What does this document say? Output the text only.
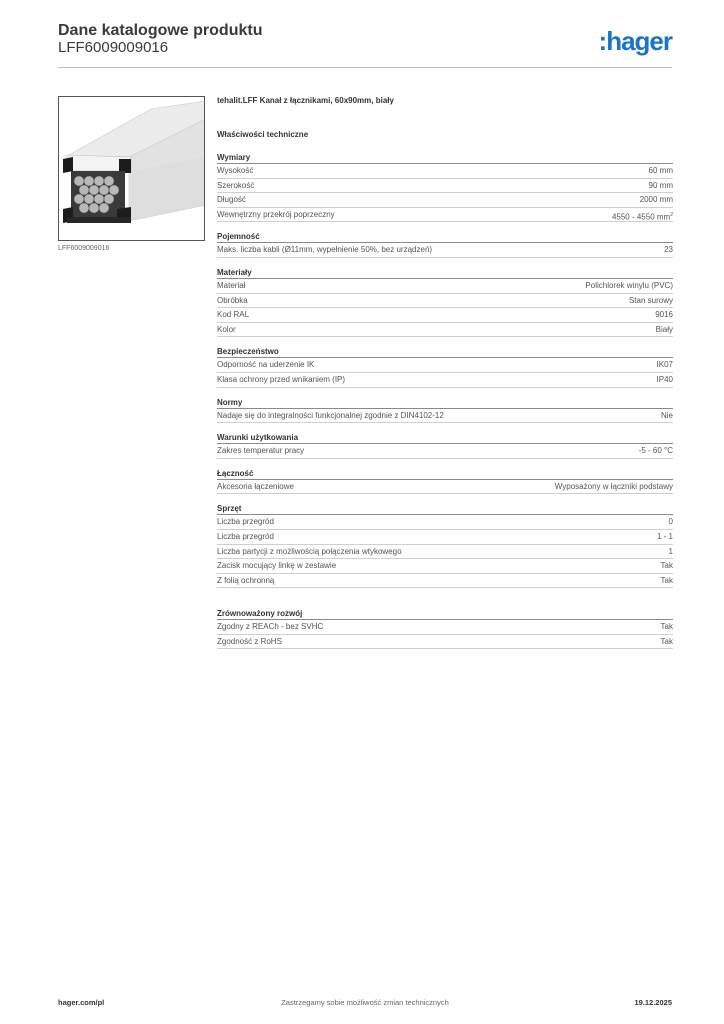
Dane katalogowe produktu
LFF6009009016	:hager
LFF6009009016
tehalit.LFF Kanał z łącznikami, 60x90mm, biały
Właściwości techniczne
Wymiary
Wysokość	60 mm
Szerokość	90 mm
Długość	2000 mm
Wewnętrzny przekrój poprzeczny	4550 - 4550 $mm^2$
Pojemność
Maks. liczba kabli (Ø11mm, wypełnienie 50%, bez urządzeń)	23
Materiały
Materiał	Polichlorek winylu (PVC)
Obróbka	Stan surowy
Kod RAL	9016
Kolor	Biały
Bezpieczeństwo
Odporność na uderzenie IK	IK07
Klasa ochrony przed wnikaniem (IP)	IP40
Normy
Nadaje się do integralności funkcjonalnej zgodnie z DIN4102-12	Nie
Warunki użytkowania
Zakres temperatur pracy	-5 - 60 °C
Łączność
Akcesoria łączeniowe	Wyposażony w łączniki podstawy
Sprzęt
Liczba przegród	0
Liczba przegród	1 - 1
Liczba partycji z możliwością połączenia wtykowego	1
Zacisk mocujący linkę w zestawie	Tak
Z folią ochronną	Tak
Zrównoważony rozwój
Zgodny z REACh - bez SVHC	Tak
Zgodność z RoHS	Tak
hager.com/pl	Zastrzegamy sobie możliwość zmian technicznych	19.12.2025
